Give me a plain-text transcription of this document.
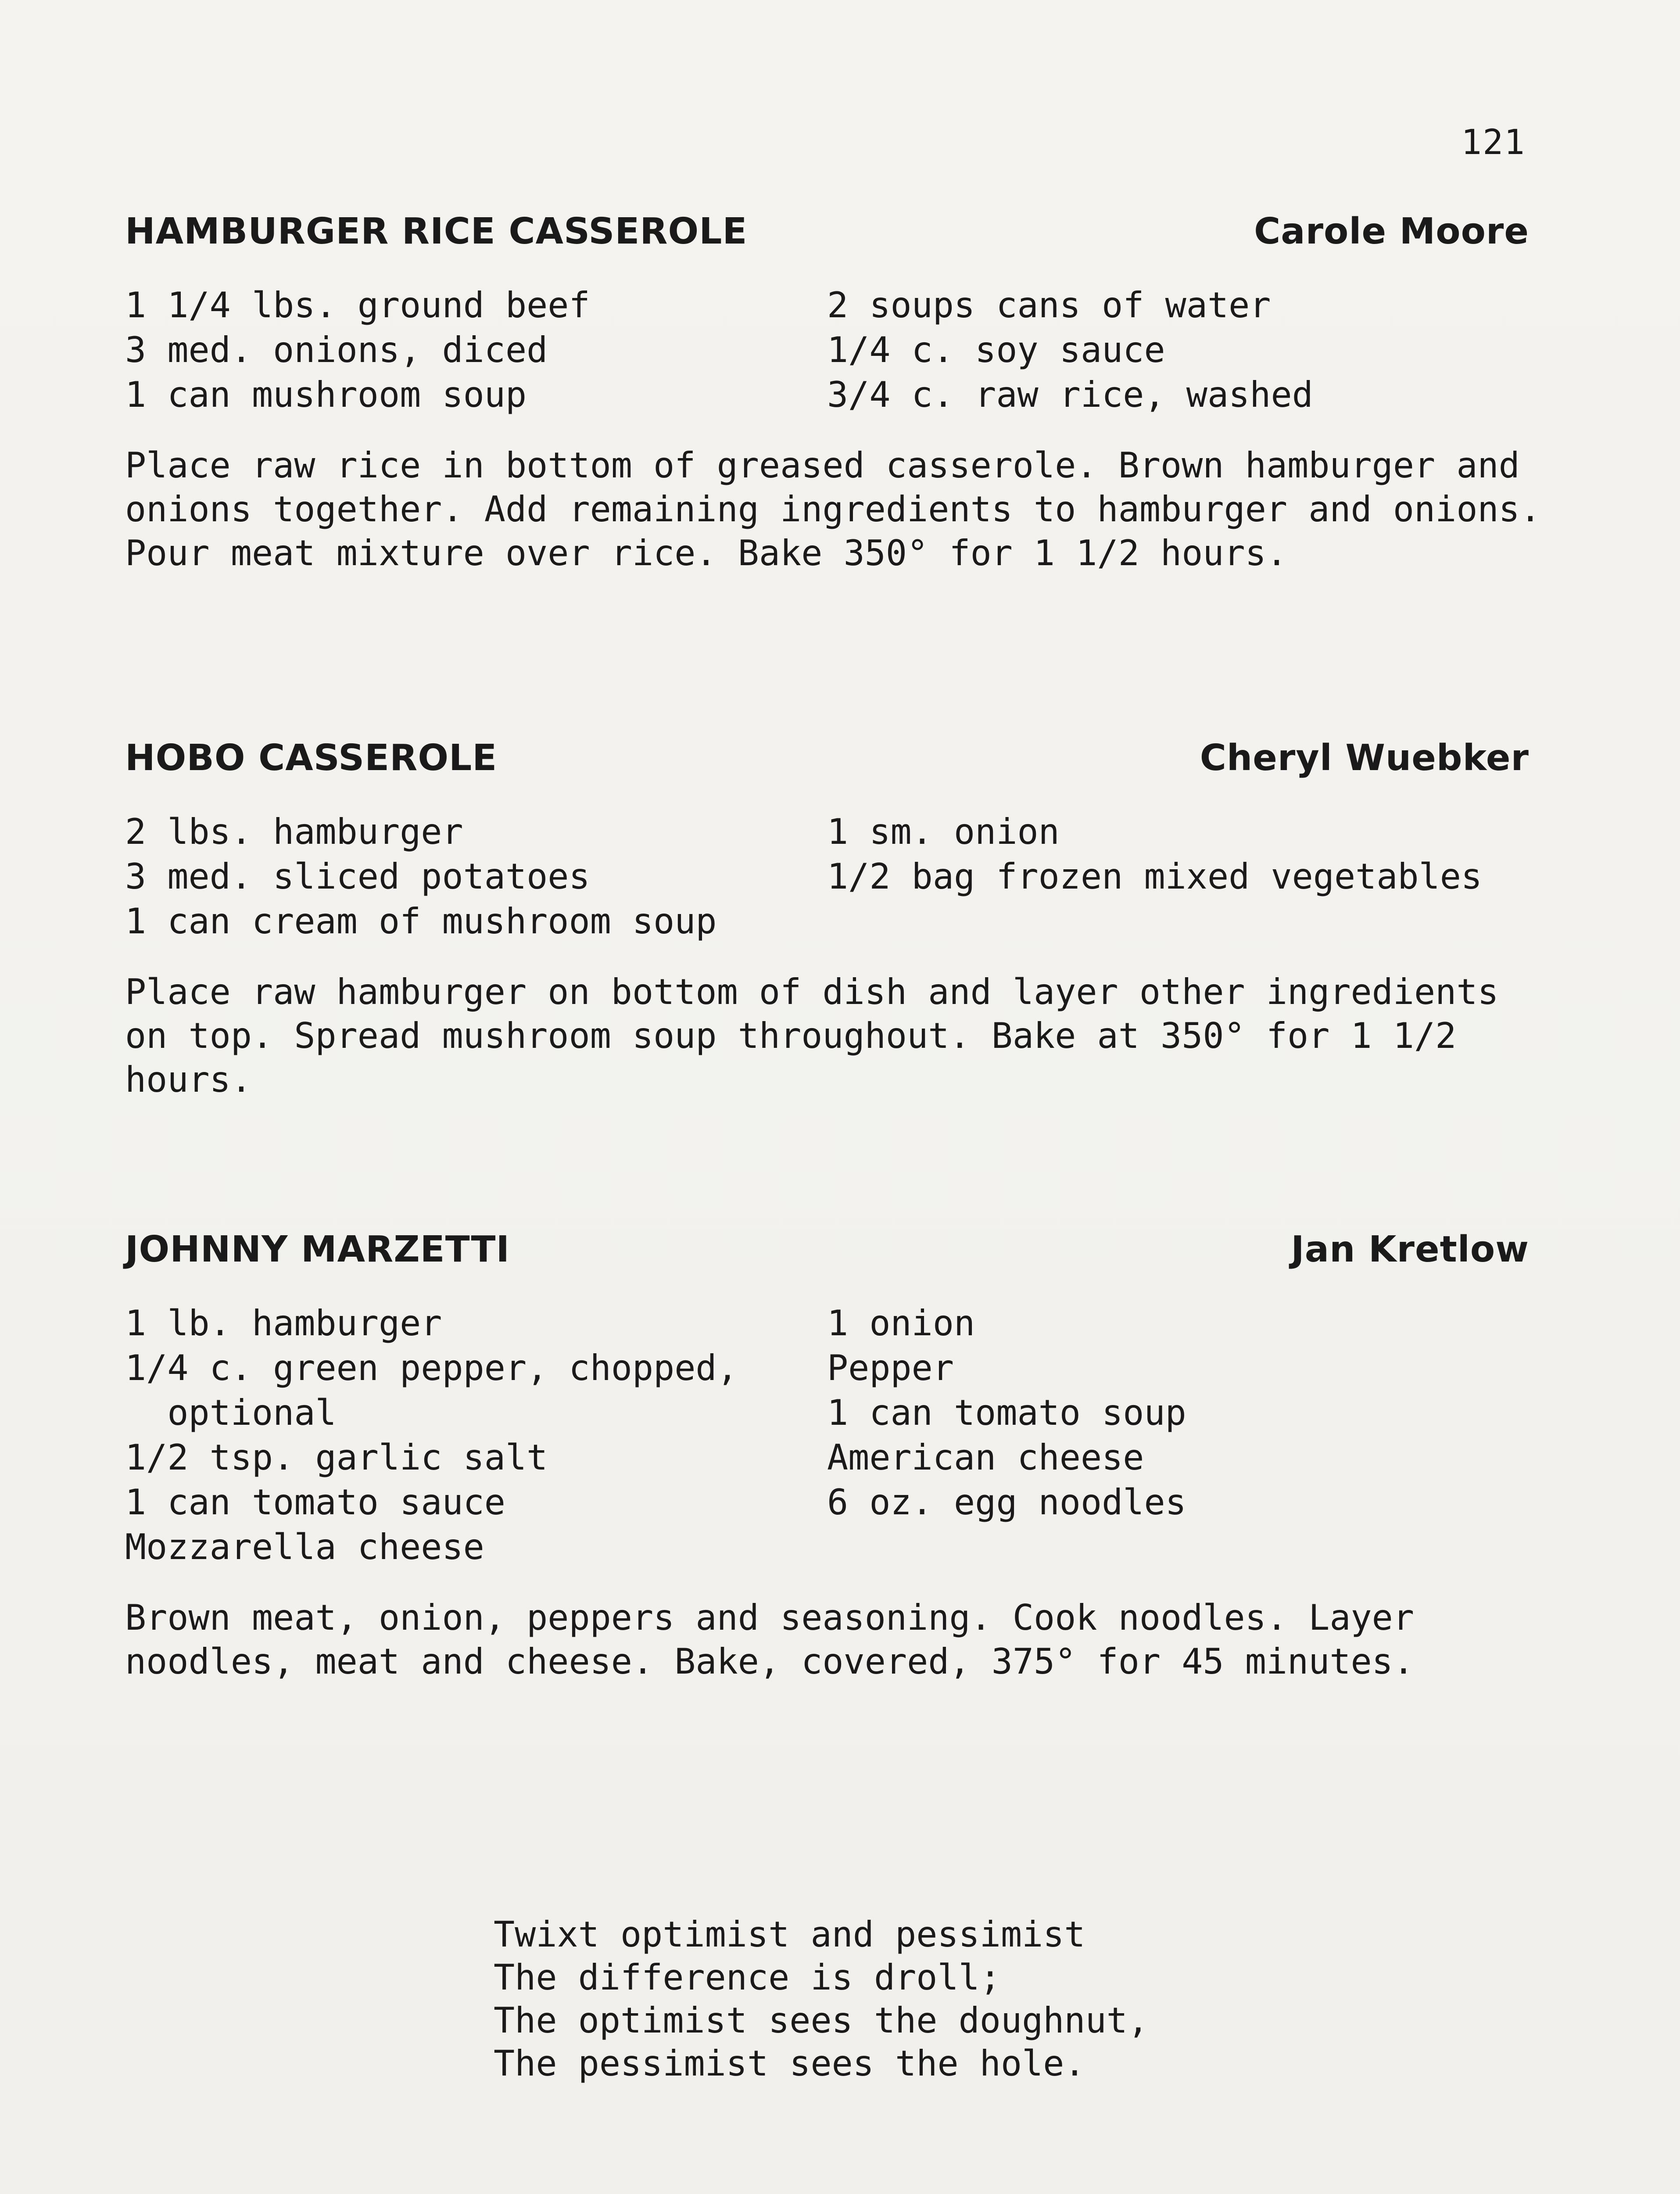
121
HAMBURGER RICE CASSEROLE	Carole Moore
1 1/4 lbs. ground beef
3 med. onions, diced
1 can mushroom soup
2 soups cans of water
1/4 c. soy sauce
3/4 c. raw rice, washed
Place raw rice in bottom of greased casserole. Brown hamburger and onions together. Add remaining ingredients to hamburger and onions. Pour meat mixture over rice. Bake 350° for 1 1/2 hours.
HOBO CASSEROLE	Cheryl Wuebker
2 lbs. hamburger
3 med. sliced potatoes
1 can cream of mushroom soup
1 sm. onion
1/2 bag frozen mixed vegetables
Place raw hamburger on bottom of dish and layer other ingredients on top. Spread mushroom soup throughout. Bake at 350° for 1 1/2 hours.
JOHNNY MARZETTI	Jan Kretlow
1 lb. hamburger
1/4 c. green pepper, chopped,
optional
1/2 tsp. garlic salt
1 can tomato sauce
Mozzarella cheese
1 onion
Pepper
1 can tomato soup
American cheese
6 oz. egg noodles
Brown meat, onion, peppers and seasoning. Cook noodles. Layer noodles, meat and cheese. Bake, covered, 375° for 45 minutes.
Twixt optimist and pessimist
The difference is droll;
The optimist sees the doughnut,
The pessimist sees the hole.
